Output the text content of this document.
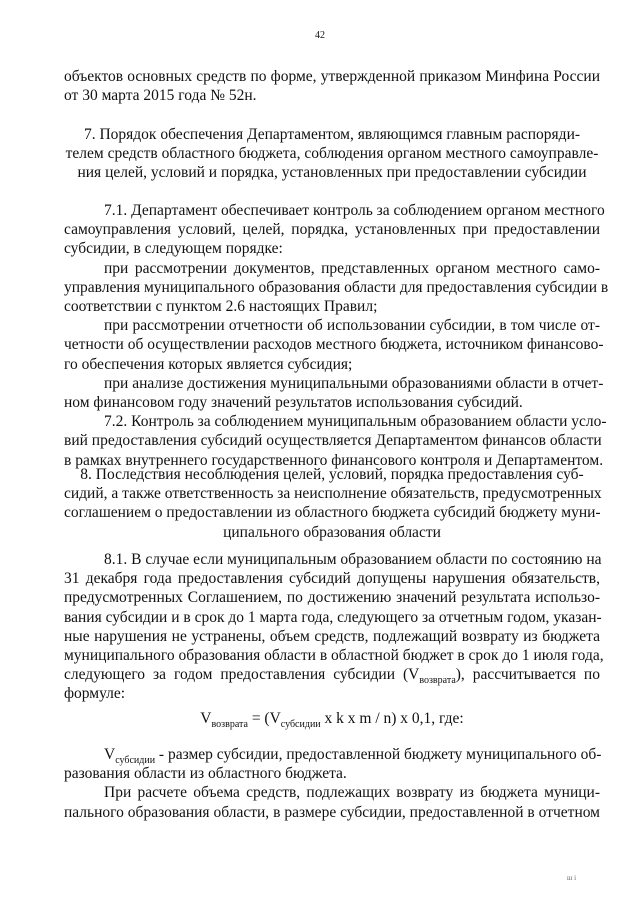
42
объектов основных средств по форме, утвержденной приказом Минфина России
от 30 марта 2015 года № 52н.
7. Порядок обеспечения Департаментом, являющимся главным распоряди-
телем средств областного бюджета, соблюдения органом местного самоуправле-
ния целей, условий и порядка, установленных при предоставлении субсидии
7.1. Департамент обеспечивает контроль за соблюдением органом местного
самоуправления условий, целей, порядка, установленных при предоставлении
субсидии, в следующем порядке:
при рассмотрении документов, представленных органом местного само-
управления муниципального образования области для предоставления субсидии в
соответствии с пунктом 2.6 настоящих Правил;
при рассмотрении отчетности об использовании субсидии, в том числе от-
четности об осуществлении расходов местного бюджета, источником финансово-
го обеспечения которых является субсидия;
при анализе достижения муниципальными образованиями области в отчет-
ном финансовом году значений результатов использования субсидий.
7.2. Контроль за соблюдением муниципальным образованием области усло-
вий предоставления субсидий осуществляется Департаментом финансов области
в рамках внутреннего государственного финансового контроля и Департаментом.
8. Последствия несоблюдения целей, условий, порядка предоставления суб-
сидий, а также ответственность за неисполнение обязательств, предусмотренных
соглашением о предоставлении из областного бюджета субсидий бюджету муни-
ципального образования области
8.1. В случае если муниципальным образованием области по состоянию на
31 декабря года предоставления субсидий допущены нарушения обязательств,
предусмотренных Соглашением, по достижению значений результата использо-
вания субсидии и в срок до 1 марта года, следующего за отчетным годом, указан-
ные нарушения не устранены, объем средств, подлежащий возврату из бюджета
муниципального образования области в областной бюджет в срок до 1 июля года,
следующего за годом предоставления субсидии $(V_{возврата})$, рассчитывается по
формуле:
$V_{возврата} = (V_{субсидии}$ x k x m / n) x 0,1, где:
$V_{субсидии}$ - размер субсидии, предоставленной бюджету муниципального об-
разования области из областного бюджета.
При расчете объема средств, подлежащих возврату из бюджета муници-
пального образования области, в размере субсидии, предоставленной в отчетном
ш і
